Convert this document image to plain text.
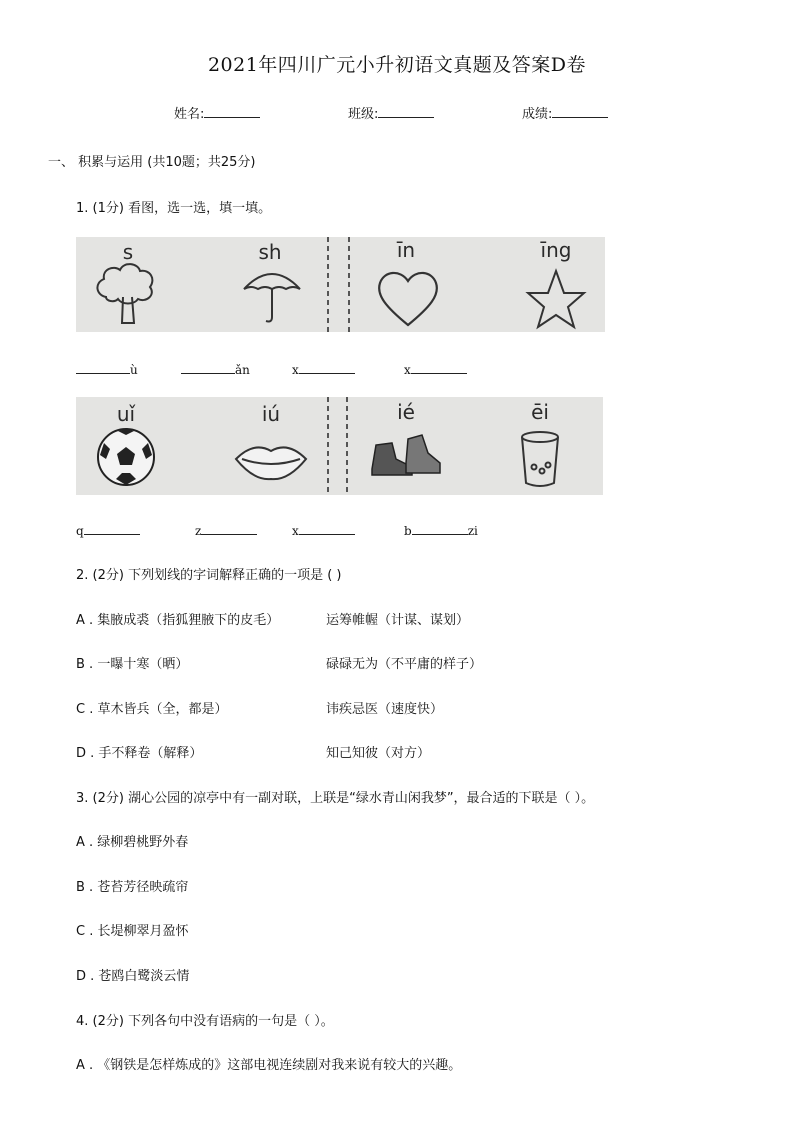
2021年四川广元小升初语文真题及答案D卷
姓名:	班级:	成绩:
一、 积累与运用 (共10题；共25分)
1. (1分) 看图，选一选，填一填。
s	sh	īn	īng
ù	ǎn	x	x
uǐ	iú	ié	ēi
q	z	x	b	zi
2. (2分) 下列划线的字词解释正确的一项是 ( )
A . 集腋成裘（指狐狸腋下的皮毛）	运筹帷幄（计谋、谋划）
B . 一曝十寒（晒）	碌碌无为（不平庸的样子）
C . 草木皆兵（全，都是）	讳疾忌医（速度快）
D . 手不释卷（解释）	知己知彼（对方）
3. (2分) 湖心公园的凉亭中有一副对联，上联是“绿水青山闲我梦”，最合适的下联是（ ）。
A . 绿柳碧桃野外春
B . 苍苔芳径映疏帘
C . 长堤柳翠月盈怀
D . 苍鸥白鹭淡云情
4. (2分) 下列各句中没有语病的一句是（ ）。
A . 《钢铁是怎样炼成的》这部电视连续剧对我来说有较大的兴趣。
